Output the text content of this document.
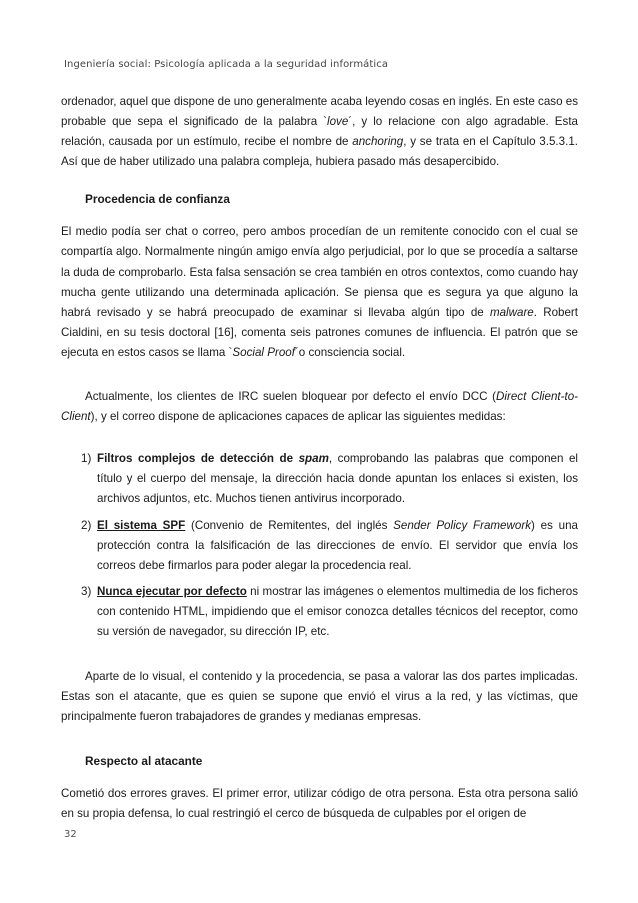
Ingeniería social: Psicología aplicada a la seguridad informática

ordenador, aquel que dispone de uno generalmente acaba leyendo cosas en inglés. En este caso es probable que sepa el significado de la palabra `love´, y lo relacione con algo agradable. Esta relación, causada por un estímulo, recibe el nombre de anchoring, y se trata en el Capítulo 3.5.3.1. Así que de haber utilizado una palabra compleja, hubiera pasado más desapercibido.

Procedencia de confianza

El medio podía ser chat o correo, pero ambos procedían de un remitente conocido con el cual se compartía algo. Normalmente ningún amigo envía algo perjudicial, por lo que se procedía a saltarse la duda de comprobarlo. Esta falsa sensación se crea también en otros contextos, como cuando hay mucha gente utilizando una determinada aplicación. Se piensa que es segura ya que alguno la habrá revisado y se habrá preocupado de examinar si llevaba algún tipo de malware. Robert Cialdini, en su tesis doctoral [16], comenta seis patrones comunes de influencia. El patrón que se ejecuta en estos casos se llama `Social Proof´o consciencia social.

Actualmente, los clientes de IRC suelen bloquear por defecto el envío DCC (Direct Client-to-Client), y el correo dispone de aplicaciones capaces de aplicar las siguientes medidas:

1) Filtros complejos de detección de spam, comprobando las palabras que componen el título y el cuerpo del mensaje, la dirección hacia donde apuntan los enlaces si existen, los archivos adjuntos, etc. Muchos tienen antivirus incorporado.
2) El sistema SPF (Convenio de Remitentes, del inglés Sender Policy Framework) es una protección contra la falsificación de las direcciones de envío. El servidor que envía los correos debe firmarlos para poder alegar la procedencia real.
3) Nunca ejecutar por defecto ni mostrar las imágenes o elementos multimedia de los ficheros con contenido HTML, impidiendo que el emisor conozca detalles técnicos del receptor, como su versión de navegador, su dirección IP, etc.

Aparte de lo visual, el contenido y la procedencia, se pasa a valorar las dos partes implicadas. Estas son el atacante, que es quien se supone que envió el virus a la red, y las víctimas, que principalmente fueron trabajadores de grandes y medianas empresas.

Respecto al atacante

Cometió dos errores graves. El primer error, utilizar código de otra persona. Esta otra persona salió en su propia defensa, lo cual restringió el cerco de búsqueda de culpables por el origen de

32
